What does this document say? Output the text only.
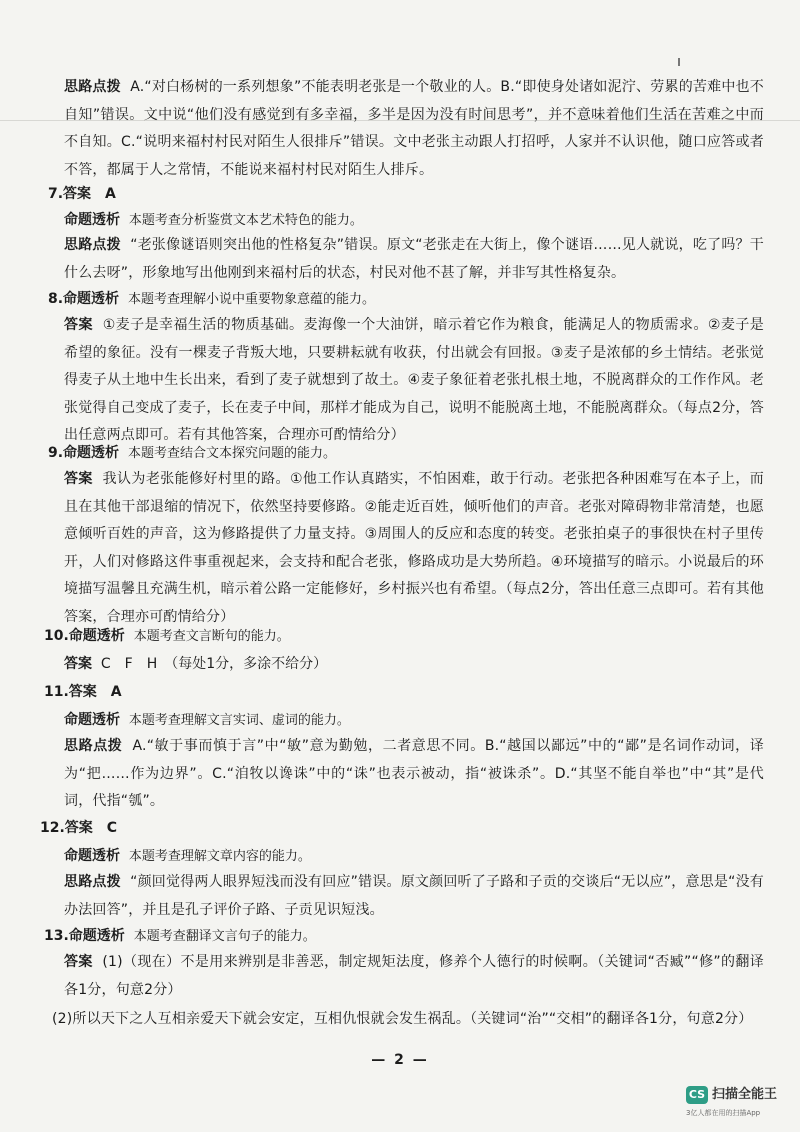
思路点拨 A.“对白杨树的一系列想象”不能表明老张是一个敬业的人。B.“即使身处诸如泥泞、劳累的苦难中也不自知”错误。文中说“他们没有感觉到有多幸福，多半是因为没有时间思考”，并不意味着他们生活在苦难之中而不自知。C.“说明来福村村民对陌生人很排斥”错误。文中老张主动跟人打招呼，人家并不认识他，随口应答或者不答，都属于人之常情，不能说来福村村民对陌生人排斥。

7.答案　A

命题透析 本题考查分析鉴赏文本艺术特色的能力。

思路点拨 “老张像谜语则突出他的性格复杂”错误。原文“老张走在大街上，像个谜语……见人就说，吃了吗？干什么去呀”，形象地写出他刚到来福村后的状态，村民对他不甚了解，并非写其性格复杂。

8.命题透析 本题考查理解小说中重要物象意蕴的能力。

答案 ①麦子是幸福生活的物质基础。麦海像一个大油饼，暗示着它作为粮食，能满足人的物质需求。②麦子是希望的象征。没有一棵麦子背叛大地，只要耕耘就有收获，付出就会有回报。③麦子是浓郁的乡土情结。老张觉得麦子从土地中生长出来，看到了麦子就想到了故土。④麦子象征着老张扎根土地，不脱离群众的工作作风。老张觉得自己变成了麦子，长在麦子中间，那样才能成为自己，说明不能脱离土地，不能脱离群众。（每点2分，答出任意两点即可。若有其他答案，合理亦可酌情给分）

9.命题透析 本题考查结合文本探究问题的能力。

答案 我认为老张能修好村里的路。①他工作认真踏实，不怕困难，敢于行动。老张把各种困难写在本子上，而且在其他干部退缩的情况下，依然坚持要修路。②能走近百姓，倾听他们的声音。老张对障碍物非常清楚，也愿意倾听百姓的声音，这为修路提供了力量支持。③周围人的反应和态度的转变。老张拍桌子的事很快在村子里传开，人们对修路这件事重视起来，会支持和配合老张，修路成功是大势所趋。④环境描写的暗示。小说最后的环境描写温馨且充满生机，暗示着公路一定能修好，乡村振兴也有希望。（每点2分，答出任意三点即可。若有其他答案，合理亦可酌情给分）

10.命题透析 本题考查文言断句的能力。

答案 C　F　H　（每处1分，多涂不给分）

11.答案　A

命题透析 本题考查理解文言实词、虚词的能力。

思路点拨 A.“敏于事而慎于言”中“敏”意为勤勉，二者意思不同。B.“越国以鄙远”中的“鄙”是名词作动词，译为“把……作为边界”。C.“洎牧以谗诛”中的“诛”也表示被动，指“被诛杀”。D.“其坚不能自举也”中“其”是代词，代指“瓠”。

12.答案　C

命题透析 本题考查理解文章内容的能力。

思路点拨 “颜回觉得两人眼界短浅而没有回应”错误。原文颜回听了子路和子贡的交谈后“无以应”，意思是“没有办法回答”，并且是孔子评价子路、子贡见识短浅。

13.命题透析 本题考查翻译文言句子的能力。

答案 (1)（现在）不是用来辨别是非善恶，制定规矩法度，修养个人德行的时候啊。（关键词“否臧”“修”的翻译各1分，句意2分）

(2)所以天下之人互相亲爱天下就会安定，互相仇恨就会发生祸乱。（关键词“治”“交相”的翻译各1分，句意2分）

— 2 —
CS 扫描全能王
3亿人都在用的扫描App
